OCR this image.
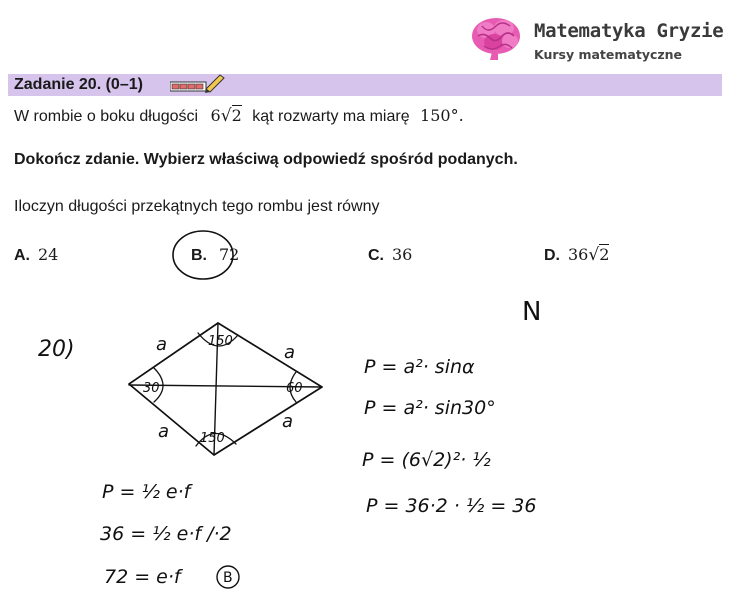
Matematyka Gryzie
Kursy matematyczne
Zadanie 20. (0–1)
W rombie o boku długości 6√2 kąt rozwarty ma miarę 150°.
Dokończ zdanie. Wybierz właściwą odpowiedź spośród podanych.
Iloczyn długości przekątnych tego rombu jest równy
A. 24	B. 72	C. 36	D. 36√2
20)
N
a	a
a	a
150
30	60
150
P = ½ e·f
36 = ½ e·f /·2
72 = e·f	B
P = a²· sinα
P = a²· sin30°
P = (6√2)²· ½
P = 36·2 · ½ = 36
